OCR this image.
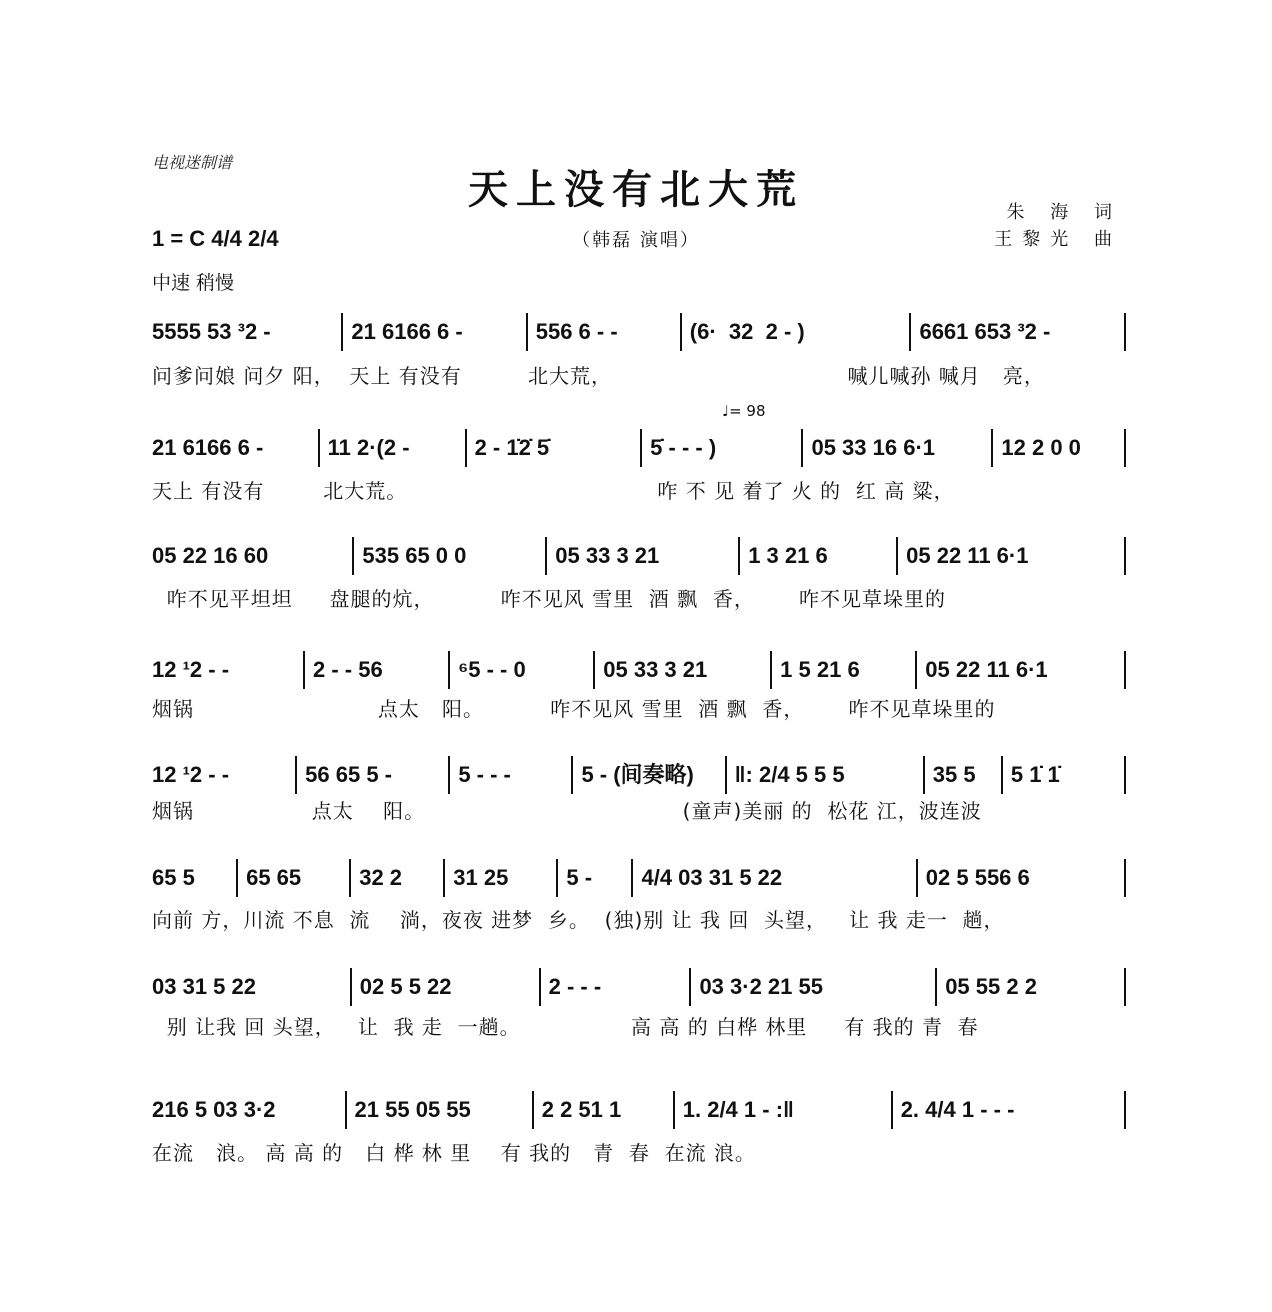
电视迷制谱
天上没有北大荒
（韩磊 演唱）
朱 海 词
王黎光 曲
1 = C 4/4 2/4
中速 稍慢
♩= 98
5555 53 ³2 -	21 6166 6 -	556 6 - -	(6·  32  2 - )	6661 653 ³2 -
问爹问娘 问夕 阳，  天上 有没有         北大荒，                                喊儿喊孙 喊月   亮，
21 6166 6 -	11 2·(2 -	2 - 1̇2̇ 5̇	5̇ - - - )	05 33 16 6·1	12 2 0 0
天上 有没有        北大荒。                                  咋 不 见 着了 火 的  红 高 粱，
05 22 16 60	535 65 0 0	05 33 3 21	1 3 21 6	05 22 11 6·1
咋不见平坦坦     盘腿的炕，         咋不见风 雪里  酒 飘  香，      咋不见草垛里的
12 ¹2 - -	2 - - 56	⁶5 - - 0	05 33 3 21	1 5 21 6	05 22 11 6·1
烟锅                         点太   阳。         咋不见风 雪里  酒 飘  香，      咋不见草垛里的
12 ¹2 - -	56 65 5 -	5 - - -	5 - (间奏略)	‖: 2/4 5 5 5	35 5	5 1̇ 1̇
烟锅                点太    阳。                                   (童声)美丽 的  松花 江，波连波
65 5	65 65	32 2	31 25	5 -	4/4 03 31 5 22	02 5 556 6
向前 方，川流 不息  流    淌，夜夜 进梦  乡。  (独)别 让 我 回  头望，   让 我 走一  趟，
03 31 5 22	02 5 5 22	2 - - -	03 3·2 21 55	05 55 2 2
别 让我 回 头望，   让  我 走  一趟。               高 高 的 白桦 林里     有 我的 青  春
216 5 03 3·2	21 55 05 55	2 2 51 1	1. 2/4 1 - :‖	2. 4/4 1 - - -
在流   浪。 高 高 的   白 桦 林 里    有 我的   青  春  在流 浪。
